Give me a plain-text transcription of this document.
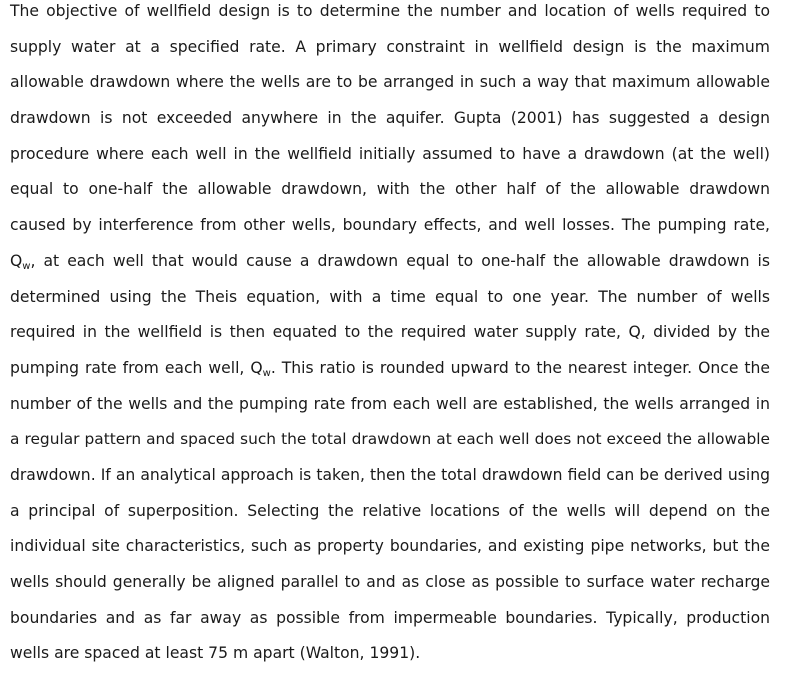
The objective of wellfield design is to determine the number and location of wells required to
supply water at a specified rate. A primary constraint in wellfield design is the maximum
allowable drawdown where the wells are to be arranged in such a way that maximum allowable
drawdown is not exceeded anywhere in the aquifer. Gupta (2001) has suggested a design
procedure where each well in the wellfield initially assumed to have a drawdown (at the well)
equal to one-half the allowable drawdown, with the other half of the allowable drawdown
caused by interference from other wells, boundary effects, and well losses. The pumping rate,
Qw, at each well that would cause a drawdown equal to one-half the allowable drawdown is
determined using the Theis equation, with a time equal to one year. The number of wells
required in the wellfield is then equated to the required water supply rate, Q, divided by the
pumping rate from each well, Qw. This ratio is rounded upward to the nearest integer. Once the
number of the wells and the pumping rate from each well are established, the wells arranged in
a regular pattern and spaced such the total drawdown at each well does not exceed the allowable
drawdown. If an analytical approach is taken, then the total drawdown field can be derived using
a principal of superposition. Selecting the relative locations of the wells will depend on the
individual site characteristics, such as property boundaries, and existing pipe networks, but the
wells should generally be aligned parallel to and as close as possible to surface water recharge
boundaries and as far away as possible from impermeable boundaries. Typically, production
wells are spaced at least 75 m apart (Walton, 1991).
